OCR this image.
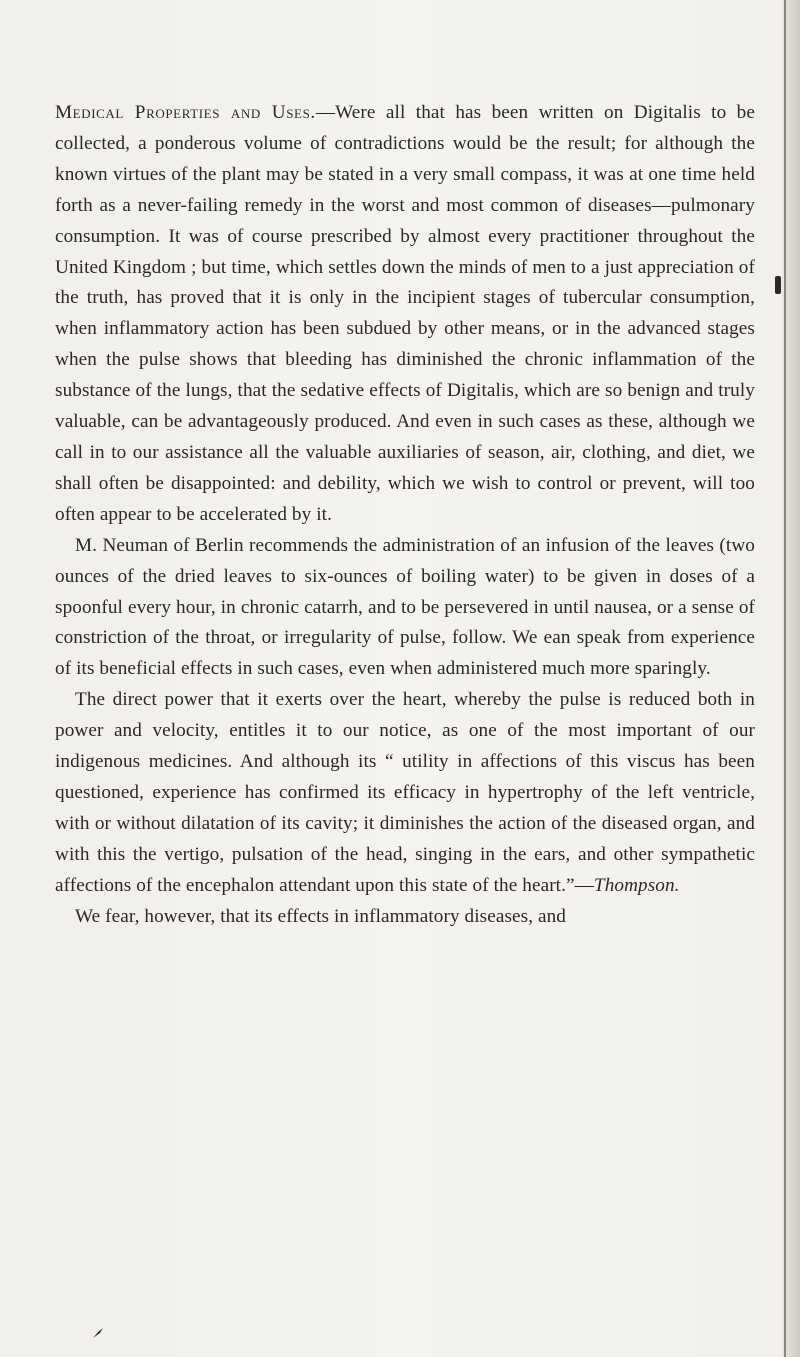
Medical Properties and Uses.—Were all that has been written on Digitalis to be collected, a ponderous volume of contradictions would be the result; for although the known virtues of the plant may be stated in a very small compass, it was at one time held forth as a never-failing remedy in the worst and most common of diseases—pulmonary consumption. It was of course prescribed by almost every practitioner throughout the United Kingdom ; but time, which settles down the minds of men to a just appreciation of the truth, has proved that it is only in the incipient stages of tubercular consumption, when inflammatory action has been subdued by other means, or in the advanced stages when the pulse shows that bleeding has diminished the chronic inflammation of the substance of the lungs, that the sedative effects of Digitalis, which are so benign and truly valuable, can be advantageously produced. And even in such cases as these, although we call in to our assistance all the valuable auxiliaries of season, air, clothing, and diet, we shall often be disappointed: and debility, which we wish to control or prevent, will too often appear to be accelerated by it.

M. Neuman of Berlin recommends the administration of an infusion of the leaves (two ounces of the dried leaves to six-ounces of boiling water) to be given in doses of a spoonful every hour, in chronic catarrh, and to be persevered in until nausea, or a sense of constriction of the throat, or irregularity of pulse, follow. We ean speak from experience of its beneficial effects in such cases, even when administered much more sparingly.

The direct power that it exerts over the heart, whereby the pulse is reduced both in power and velocity, entitles it to our notice, as one of the most important of our indigenous medicines. And although its “ utility in affections of this viscus has been questioned, experience has confirmed its efficacy in hypertrophy of the left ventricle, with or without dilatation of its cavity; it diminishes the action of the diseased organ, and with this the vertigo, pulsation of the head, singing in the ears, and other sympathetic affections of the encephalon attendant upon this state of the heart.”—Thompson.

We fear, however, that its effects in inflammatory diseases, and
